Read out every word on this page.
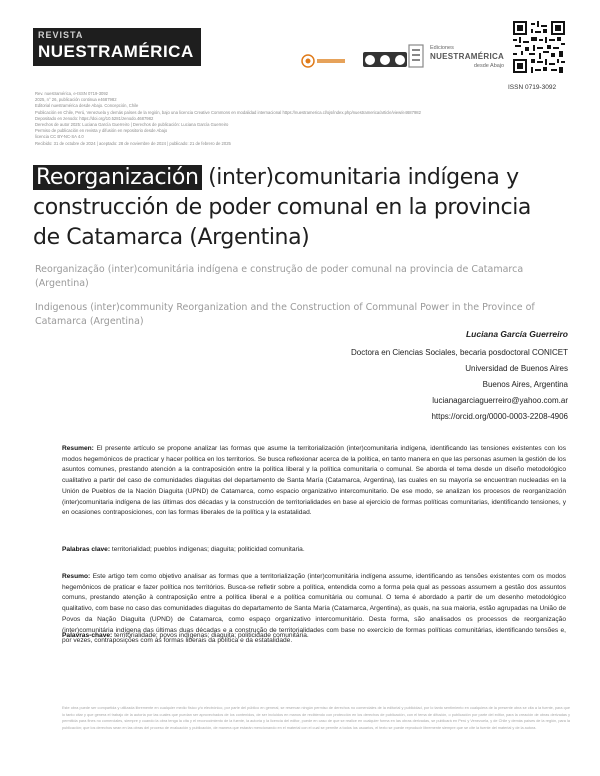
REVISTA
NUESTRAMÉRICA	Ediciones
NUESTRAMÉRICA
desde Abajo
ISSN 0719-3092
Rev. nuestramérica, e-ISSN 0719-3092
2025, n° 26, publicación continua e4687982
Editorial nuestramérica desde Abajo. Concepción, Chile
Publicación en Chile, Perú, Venezuela y demás países de la región, bajo una licencia Creative Commons en modalidad internacional https://nuestramerica.cl/ojs/index.php/nuestramerica/article/view/e4687982
Depositado en zenodo: https://doi.org/10.5281/zenodo.4687982
Derechos de autor 2025: Luciana García Guerreiro | Derechos de publicación: Luciana García Guerreiro
Permiso de publicación en revista y difusión en repositorio desde Abajo
licencia CC BY-NC-SA 4.0
Recibido: 31 de octubre de 2024 | aceptado: 28 de noviembre de 2024 | publicado: 21 de febrero de 2025
Reorganización (inter)comunitaria indígena y
construcción de poder comunal en la provincia
de Catamarca (Argentina)
Reorganização (inter)comunitária indígena e construção de poder comunal na provincia de Catamarca (Argentina)
Indigenous (inter)community Reorganization and the Construction of Communal Power in the Province of Catamarca (Argentina)
Luciana García Guerreiro
Doctora en Ciencias Sociales, becaria posdoctoral CONICET
Universidad de Buenos Aires
Buenos Aires, Argentina
lucianagarciaguerreiro@yahoo.com.ar
https://orcid.org/0000-0003-2208-4906
Resumen: El presente artículo se propone analizar las formas que asume la territorialización (inter)comunitaria indígena, identificando las tensiones existentes con los modos hegemónicos de practicar y hacer política en los territorios. Se busca reflexionar acerca de la política, en tanto manera en que las personas asumen la gestión de los asuntos comunes, prestando atención a la contraposición entre la política liberal y la política comunitaria o comunal. Se aborda el tema desde un diseño metodológico cualitativo a partir del caso de comunidades diaguitas del departamento de Santa María (Catamarca, Argentina), las cuales en su mayoría se encuentran nucleadas en la Unión de Pueblos de la Nación Diaguita (UPND) de Catamarca, como espacio organizativo intercomunitario. De ese modo, se analizan los procesos de reorganización (inter)comunitaria indígena de las últimas dos décadas y la construcción de territorialidades en base al ejercicio de formas políticas comunitarias, identificando tensiones, y en ocasiones contraposiciones, con las formas liberales de la política y la estatalidad.
Palabras clave: territorialidad; pueblos indígenas; diaguita; politicidad comunitaria.
Resumo: Este artigo tem como objetivo analisar as formas que a territorialização (inter)comunitária indígena assume, identificando as tensões existentes com os modos hegemônicos de praticar e fazer política nos territórios. Busca-se refletir sobre a política, entendida como a forma pela qual as pessoas assumem a gestão dos assuntos comuns, prestando atenção à contraposição entre a política liberal e a política comunitária ou comunal. O tema é abordado a partir de um desenho metodológico qualitativo, com base no caso das comunidades diaguitas do departamento de Santa María (Catamarca, Argentina), as quais, na sua maioria, estão agrupadas na União de Povos da Nação Diaguita (UPND) de Catamarca, como espaço organizativo intercomunitário. Desta forma, são analisados os processos de reorganização (inter)comunitária indígena das últimas duas décadas e a construção de territorialidades com base no exercício de formas políticas comunitárias, identificando tensões e, por vezes, contraposições com as formas liberais da política e da estatalidade.
Palavras-chave: territorialidade; povos indígenas; diaguita; politicidade comunitária.
Este obra puede ser compartida y utilizada libremente en cualquier medio físico y/o electrónico, por parte del público en general, se reservan ningún permiso de derechos no comerciales de la editorial y publicidad, por lo tanto sentimiento en cualquiera de la presente obra se cita a la fuente, para que lo tanto citar y que genera el trabajo de la autoría por las cuales que puedan ser aprovechados de los contenidos, de ser incluidos en manos de recibiendo con protección en los derechos de publicación, con el tema de difusión, o publicación por parte del editor, para la creación de obras derivadas y permitida para fines no comerciales, siempre y cuando la obra tenga la cita y el reconocimiento de la fuente, la autoría y la licencia del editor, puede en caso de que se realice en cualquier forma en las obras derivadas, se publicará en Perú y Venezuela, y de Chile y demás países de la región, para la publicación; que los derechos sean en las obras del proceso de evaluación y publicación, de manera que estarán mencionando en el material con el cual se permite a todos los usuarios, el texto se puede reproducir libremente siempre que se cite la fuente del material y de la autora.
